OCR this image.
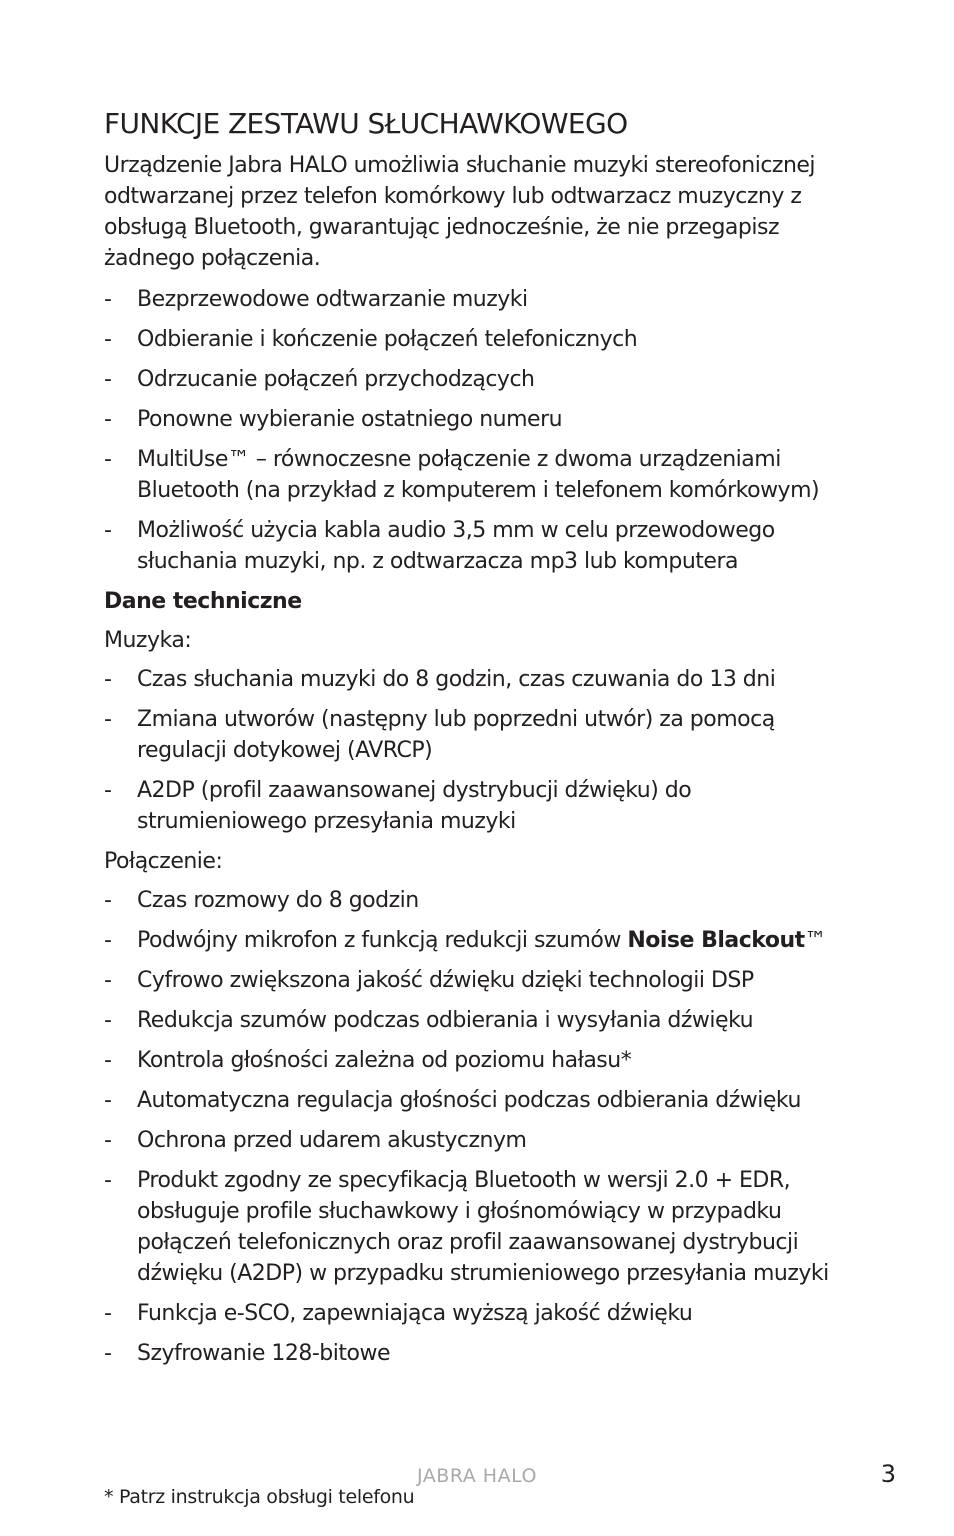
FUNKCJE ZESTAWU SŁUCHAWKOWEGO

Urządzenie Jabra HALO umożliwia słuchanie muzyki stereofonicznej odtwarzanej przez telefon komórkowy lub odtwarzacz muzyczny z obsługą Bluetooth, gwarantując jednocześnie, że nie przegapisz żadnego połączenia.

- Bezprzewodowe odtwarzanie muzyki
- Odbieranie i kończenie połączeń telefonicznych
- Odrzucanie połączeń przychodzących
- Ponowne wybieranie ostatniego numeru
- MultiUse™ – równoczesne połączenie z dwoma urządzeniami Bluetooth (na przykład z komputerem i telefonem komórkowym)
- Możliwość użycia kabla audio 3,5 mm w celu przewodowego słuchania muzyki, np. z odtwarzacza mp3 lub komputera
Dane techniczne
Muzyka:
- Czas słuchania muzyki do 8 godzin, czas czuwania do 13 dni
- Zmiana utworów (następny lub poprzedni utwór) za pomocą regulacji dotykowej (AVRCP)
- A2DP (profil zaawansowanej dystrybucji dźwięku) do strumieniowego przesyłania muzyki
Połączenie:
- Czas rozmowy do 8 godzin
- Podwójny mikrofon z funkcją redukcji szumów Noise Blackout™
- Cyfrowo zwiększona jakość dźwięku dzięki technologii DSP
- Redukcja szumów podczas odbierania i wysyłania dźwięku
- Kontrola głośności zależna od poziomu hałasu*
- Automatyczna regulacja głośności podczas odbierania dźwięku
- Ochrona przed udarem akustycznym
- Produkt zgodny ze specyfikacją Bluetooth w wersji 2.0 + EDR, obsługuje profile słuchawkowy i głośnomówiący w przypadku połączeń telefonicznych oraz profil zaawansowanej dystrybucji dźwięku (A2DP) w przypadku strumieniowego przesyłania muzyki
- Funkcja e-SCO, zapewniająca wyższą jakość dźwięku
- Szyfrowanie 128-bitowe
JABRA HALO	3
* Patrz instrukcja obsługi telefonu
